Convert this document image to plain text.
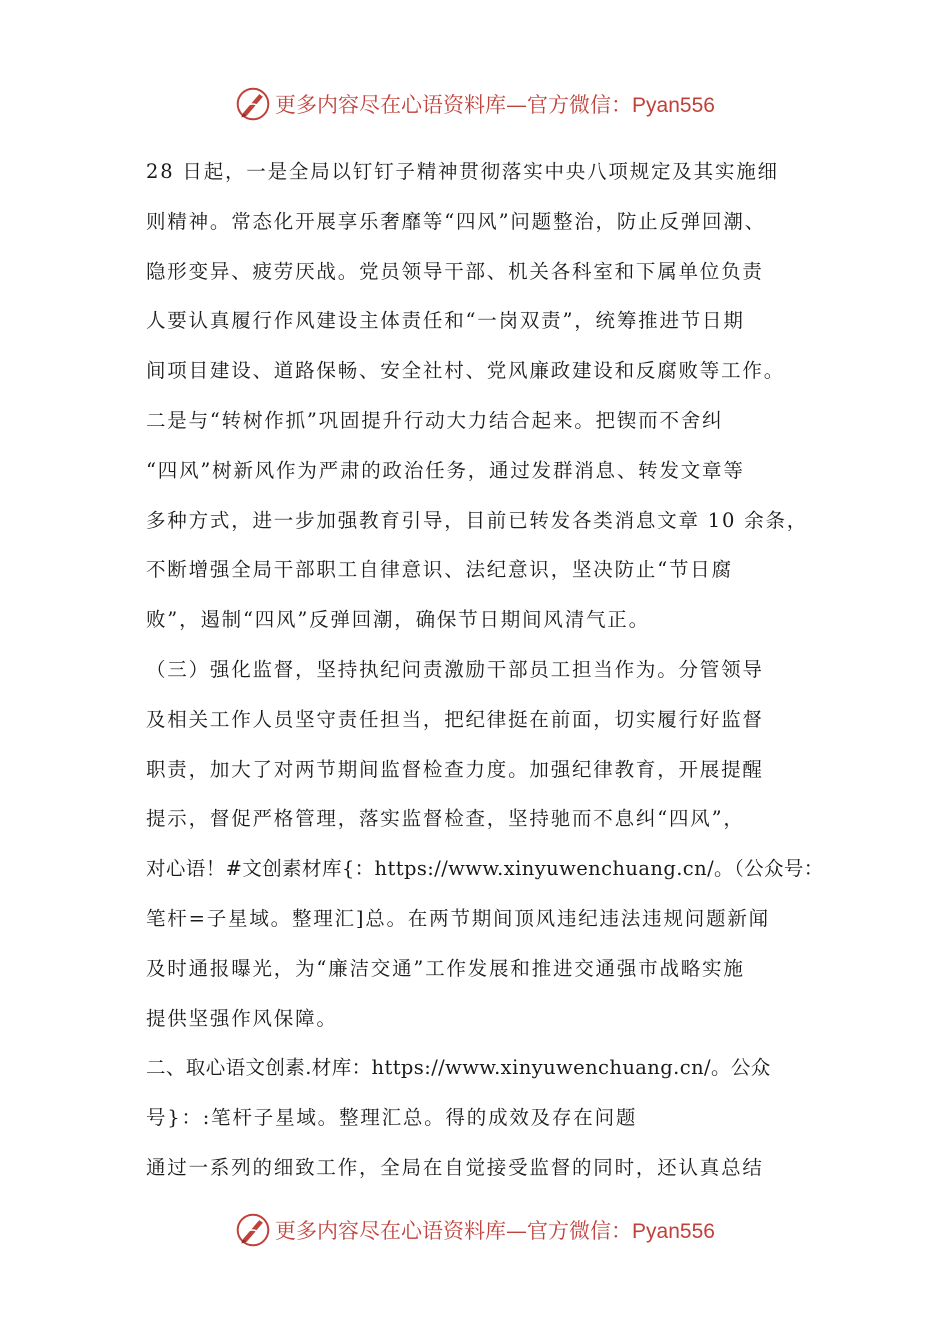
更多内容尽在心语资料库—官方微信：Pyan556
28 日起，一是全局以钉钉子精神贯彻落实中央八项规定及其实施细
则精神。常态化开展享乐奢靡等“四风”问题整治，防止反弹回潮、
隐形变异、疲劳厌战。党员领导干部、机关各科室和下属单位负责
人要认真履行作风建设主体责任和“一岗双责”，统筹推进节日期
间项目建设、道路保畅、安全社村、党风廉政建设和反腐败等工作。
二是与“转树作抓”巩固提升行动大力结合起来。把锲而不舍纠
“四风”树新风作为严肃的政治任务，通过发群消息、转发文章等
多种方式，进一步加强教育引导，目前已转发各类消息文章 10 余条，
不断增强全局干部职工自律意识、法纪意识，坚决防止“节日腐
败”，遏制“四风”反弹回潮，确保节日期间风清气正。
（三）强化监督，坚持执纪问责激励干部员工担当作为。分管领导
及相关工作人员坚守责任担当，把纪律挺在前面，切实履行好监督
职责，加大了对两节期间监督检查力度。加强纪律教育，开展提醒
提示，督促严格管理，落实监督检查，坚持驰而不息纠“四风”，
对心语！#文创素材库{：https://www.xinyuwenchuang.cn/。（公众号：
笔杆=子星域。整理汇]总。在两节期间顶风违纪违法违规问题新闻
及时通报曝光，为“廉洁交通”工作发展和推进交通强市战略实施
提供坚强作风保障。
二、取心语文创素.材库：https://www.xinyuwenchuang.cn/。公众
号}：:笔杆子星域。整理汇总。得的成效及存在问题
通过一系列的细致工作，全局在自觉接受监督的同时，还认真总结
更多内容尽在心语资料库—官方微信：Pyan556
